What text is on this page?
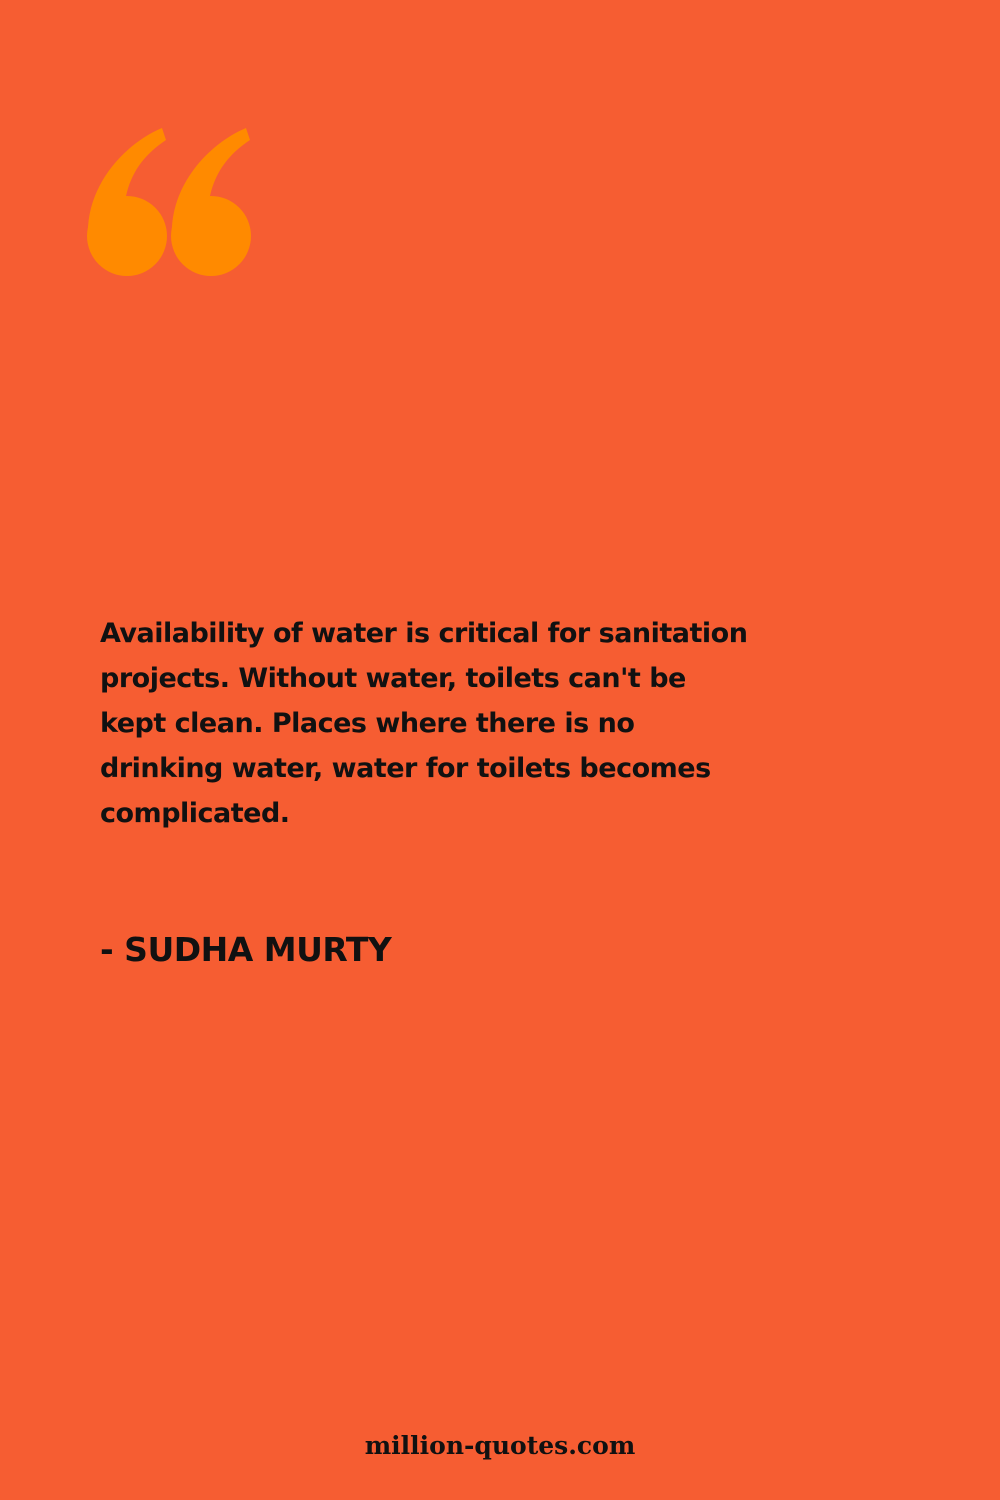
Availability of water is critical for sanitation
projects. Without water, toilets can't be
kept clean. Places where there is no
drinking water, water for toilets becomes
complicated.
- SUDHA MURTY
million-quotes.com
